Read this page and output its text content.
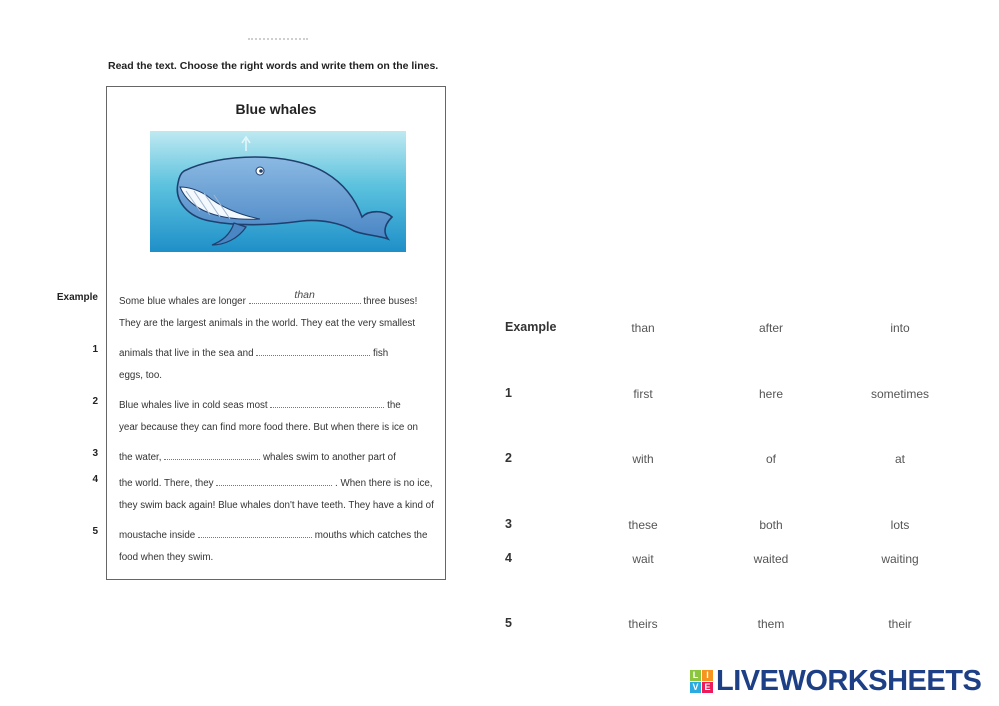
Read the text. Choose the right words and write them on the lines.
Blue whales
Some blue whales are longer
than
three buses!
They are the largest animals in the world. They eat the very smallest
animals that live in the sea and	fish
eggs, too.
Blue whales live in cold seas most	the
year because they can find more food there. But when there is ice on
the water,	whales swim to another part of
the world. There, they	. When there is no ice,
they swim back again! Blue whales don't have teeth. They have a kind of
moustache inside	mouths which catches the
food when they swim.
Example
1
2
3
4
5
Example	than	after	into
1	first	here	sometimes
2	with	of	at
3	these	both	lots
4	wait	waited	waiting
5	theirs	them	their
L I
V E LIVEWORKSHEETS
